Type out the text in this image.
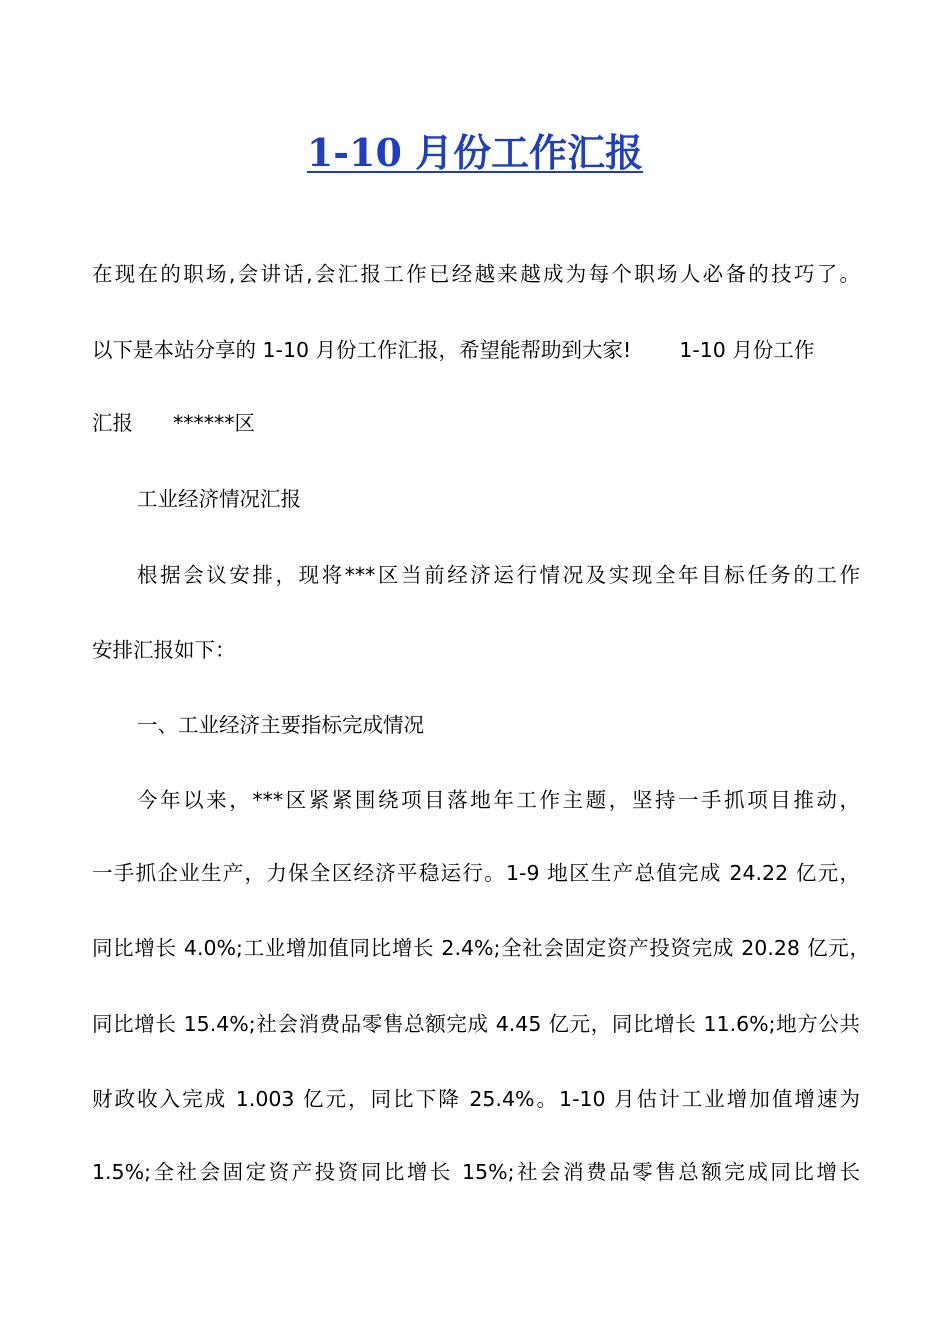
1-10 月份工作汇报
在现在的职场,会讲话,会汇报工作已经越来越成为每个职场人必备的技巧了。
以下是本站分享的 1-10 月份工作汇报，希望能帮助到大家! 1-10 月份工作
汇报 ******区
工业经济情况汇报
根据会议安排，现将***区当前经济运行情况及实现全年目标任务的工作
安排汇报如下：
一、工业经济主要指标完成情况
今年以来，***区紧紧围绕项目落地年工作主题，坚持一手抓项目推动，
一手抓企业生产，力保全区经济平稳运行。1-9 地区生产总值完成 24.22 亿元，
同比增长 4.0%;工业增加值同比增长 2.4%;全社会固定资产投资完成 20.28 亿元，
同比增长 15.4%;社会消费品零售总额完成 4.45 亿元，同比增长 11.6%;地方公共
财政收入完成 1.003 亿元，同比下降 25.4%。1-10 月估计工业增加值增速为
1.5%;全社会固定资产投资同比增长 15%;社会消费品零售总额完成同比增长
